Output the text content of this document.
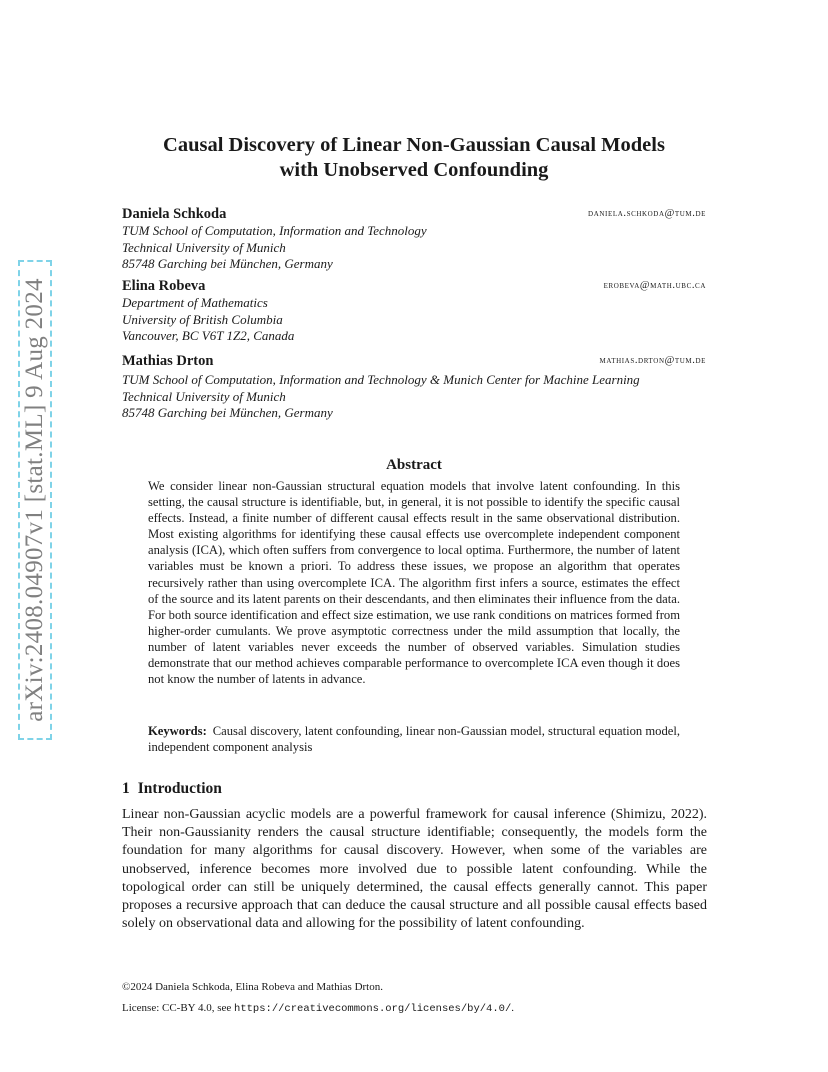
arXiv:2408.04907v1 [stat.ML] 9 Aug 2024
Causal Discovery of Linear Non-Gaussian Causal Models
with Unobserved Confounding
Daniela Schkoda	daniela.schkoda@tum.de
TUM School of Computation, Information and Technology
Technical University of Munich
85748 Garching bei München, Germany
Elina Robeva	erobeva@math.ubc.ca
Department of Mathematics
University of British Columbia
Vancouver, BC V6T 1Z2, Canada
Mathias Drton	mathias.drton@tum.de
TUM School of Computation, Information and Technology & Munich Center for Machine Learning
Technical University of Munich
85748 Garching bei München, Germany
Abstract
We consider linear non-Gaussian structural equation models that involve latent confounding. In this setting, the causal structure is identifiable, but, in general, it is not possible to identify the specific causal effects. Instead, a finite number of different causal effects result in the same observational distribution. Most existing algorithms for identifying these causal effects use overcomplete independent component analysis (ICA), which often suffers from convergence to local optima. Furthermore, the number of latent variables must be known a priori. To address these issues, we propose an algorithm that operates recursively rather than using overcomplete ICA. The algorithm first infers a source, estimates the effect of the source and its latent parents on their descendants, and then eliminates their influence from the data. For both source identification and effect size estimation, we use rank conditions on matrices formed from higher-order cumulants. We prove asymptotic correctness under the mild assumption that locally, the number of latent variables never exceeds the number of observed variables. Simulation studies demonstrate that our method achieves comparable performance to overcomplete ICA even though it does not know the number of latents in advance.
Keywords: Causal discovery, latent confounding, linear non-Gaussian model, structural equation model, independent component analysis
1 Introduction
Linear non-Gaussian acyclic models are a powerful framework for causal inference (Shimizu, 2022). Their non-Gaussianity renders the causal structure identifiable; consequently, the models form the foundation for many algorithms for causal discovery. However, when some of the variables are unobserved, inference becomes more involved due to possible latent confounding. While the topological order can still be uniquely determined, the causal effects generally cannot. This paper proposes a recursive approach that can deduce the causal structure and all possible causal effects based solely on observational data and allowing for the possibility of latent confounding.
©2024 Daniela Schkoda, Elina Robeva and Mathias Drton.
License: CC-BY 4.0, see https://creativecommons.org/licenses/by/4.0/.
